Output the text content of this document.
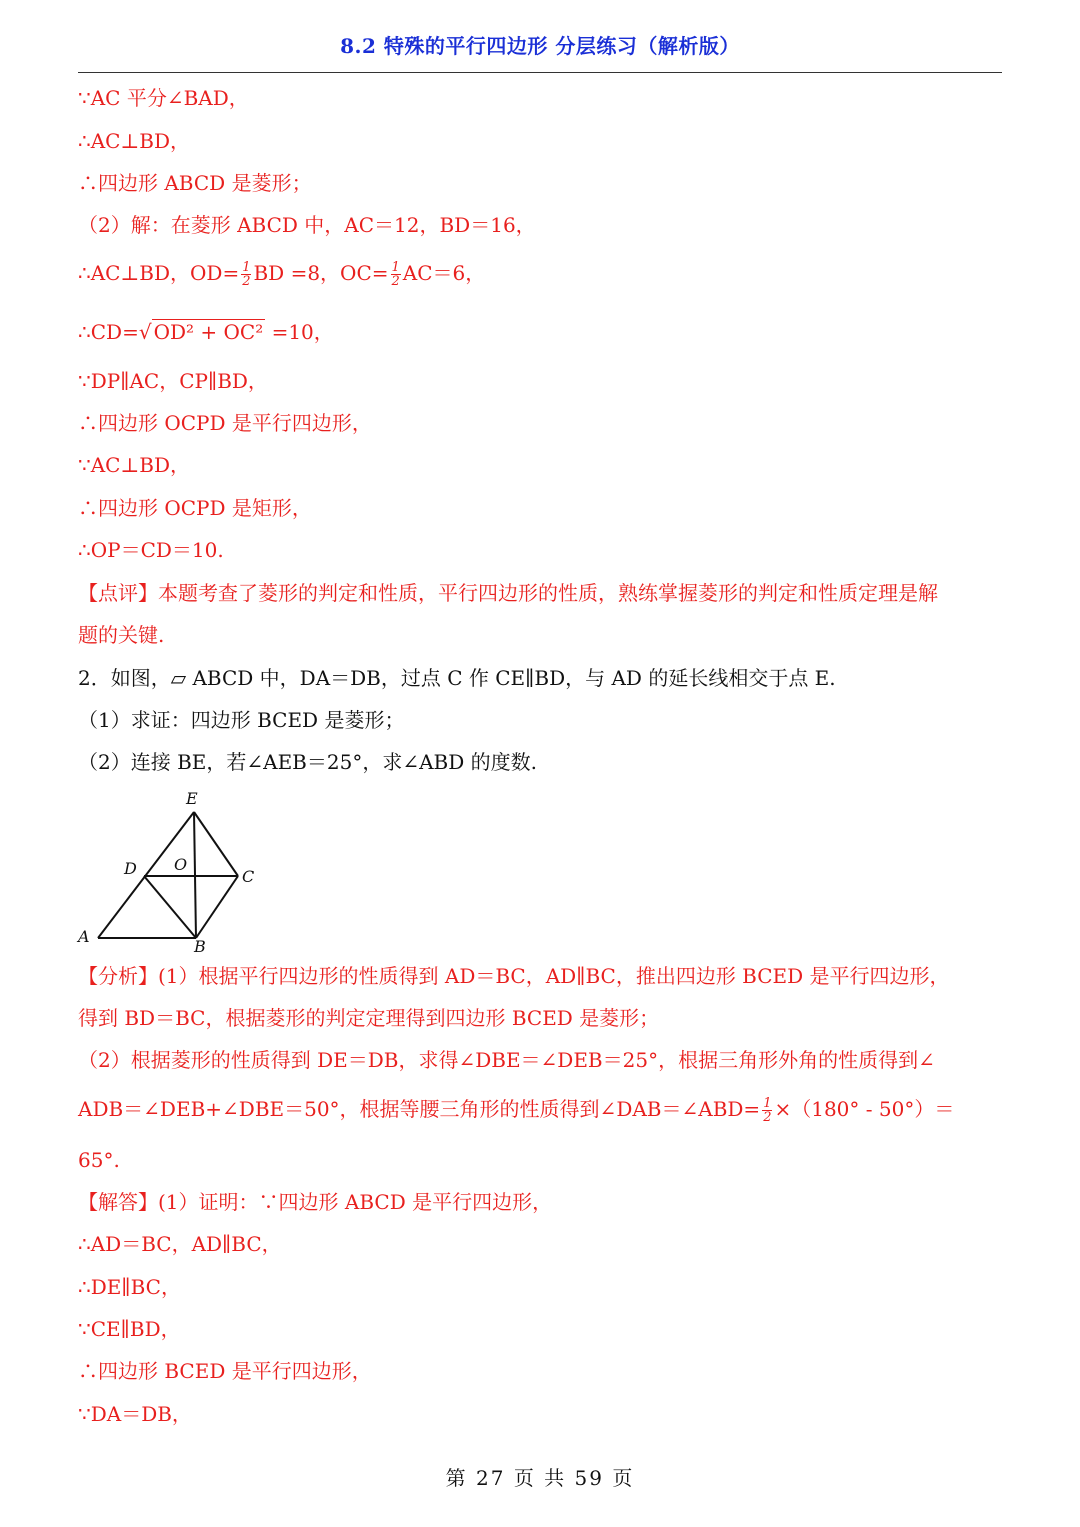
8.2 特殊的平行四边形 分层练习（解析版）
∵AC 平分∠BAD，
∴AC⊥BD，
∴四边形 ABCD 是菱形；
（2）解：在菱形 ABCD 中，AC＝12，BD＝16，
∴AC⊥BD，$OD= \frac{1}{2}$ BD =8，$OC= \frac{1}{2} AC=6$，
∴CD=√ OD² + OC² =10，
∵DP∥AC，CP∥BD，
∴四边形 OCPD 是平行四边形，
∵AC⊥BD，
∴四边形 OCPD 是矩形，
∴OP＝CD＝10.
【点评】本题考查了菱形的判定和性质，平行四边形的性质，熟练掌握菱形的判定和性质定理是解
题的关键.
2．如图，▱ ABCD 中，DA＝DB，过点 C 作 CE∥BD，与 AD 的延长线相交于点 E.
（1）求证：四边形 BCED 是菱形；
（2）连接 BE，若∠AEB＝25°，求∠ABD 的度数.
E
D O
C
A
B
【分析】(1）根据平行四边形的性质得到 AD＝BC，AD∥BC，推出四边形 BCED 是平行四边形，
得到 BD＝BC，根据菱形的判定定理得到四边形 BCED 是菱形；
（2）根据菱形的性质得到 DE＝DB，求得∠DBE＝∠DEB＝25°，根据三角形外角的性质得到∠
ADB＝∠DEB+∠DBE＝50°，根据等腰三角形的性质得到∠DAB＝∠ABD= $\frac{1}{2} \times(180^\circ - 50^\circ)=$
65°.
【解答】(1）证明：∵四边形 ABCD 是平行四边形，
∴AD＝BC，AD∥BC，
∴DE∥BC，
∵CE∥BD，
∴四边形 BCED 是平行四边形，
∵DA＝DB，
第 27 页 共 59 页
